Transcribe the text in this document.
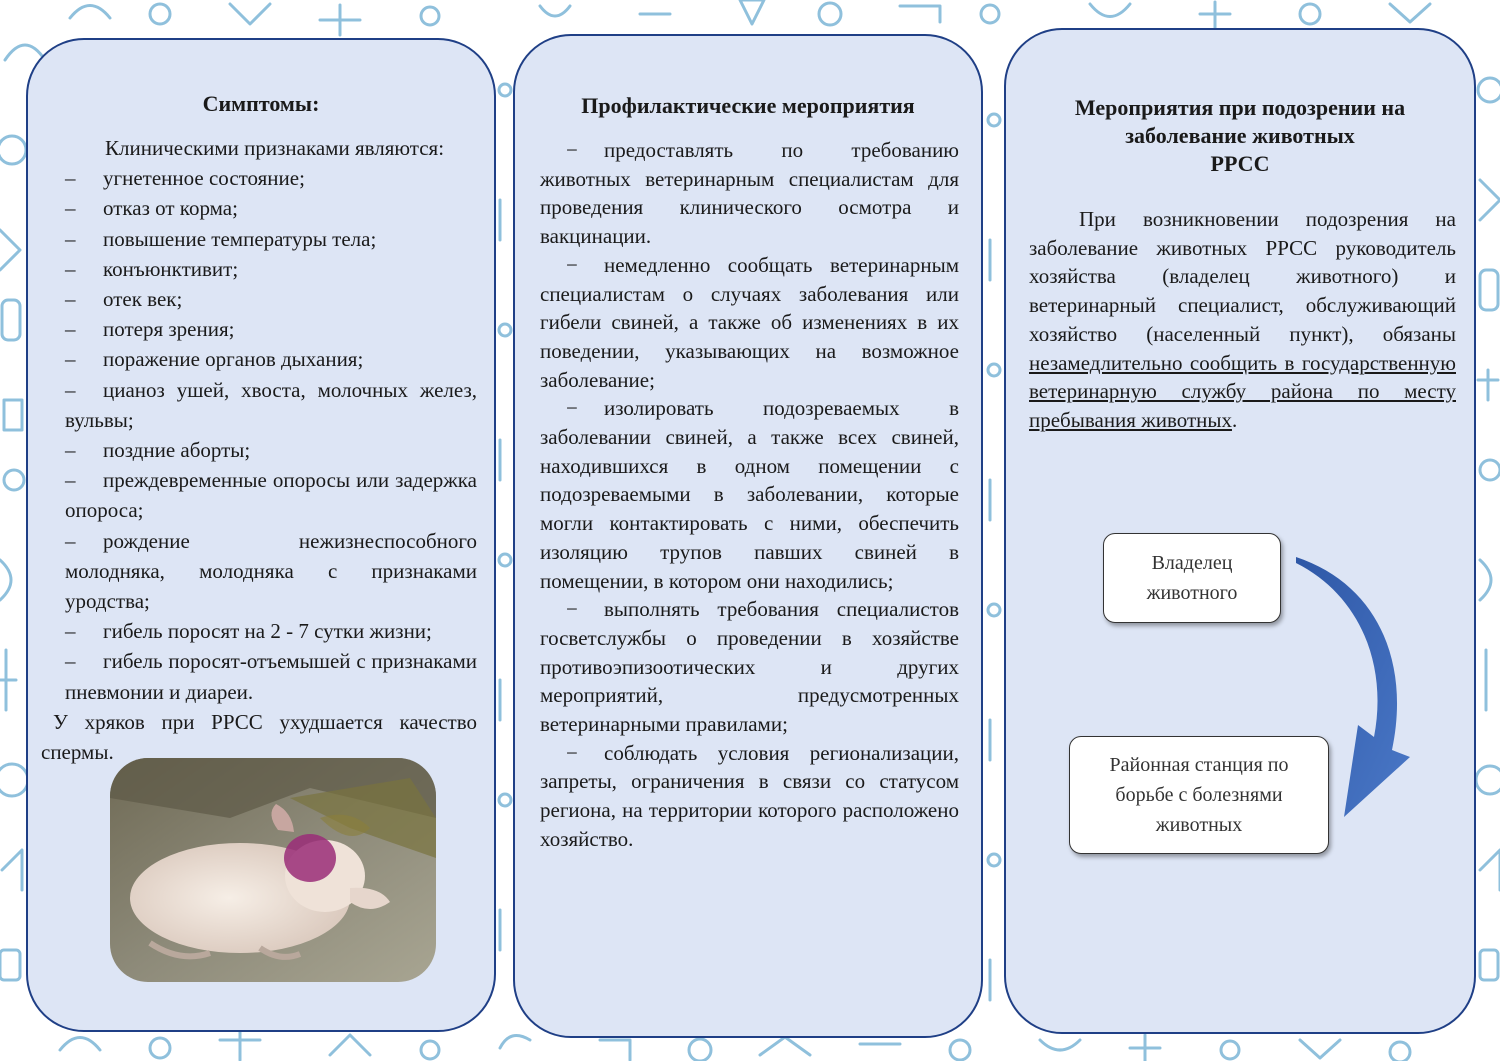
Симптомы:
Клиническими признаками являются:
– угнетенное состояние;
– отказ от корма;
– повышение температуры тела;
– конъюнктивит;
– отек век;
– потеря зрения;
– поражение органов дыхания;
– цианоз ушей, хвоста, молочных желез, вульвы;
– поздние аборты;
– преждевременные опоросы или задержка опороса;
– рождение нежизнеспособного молодняка, молодняка с признаками уродства;
– гибель поросят на 2 - 7 сутки жизни;
– гибель поросят-отъемышей с признаками пневмонии и диареи.
У хряков при РРСС ухудшается качество спермы.
Профилактические мероприятия

− предоставлять по требованию животных ветеринарным специалистам для проведения клинического осмотра и вакцинации.

− немедленно сообщать ветеринарным специалистам о случаях заболевания или гибели свиней, а также об изменениях в их поведении, указывающих на возможное заболевание;

− изолировать подозреваемых в заболевании свиней, а также всех свиней, находившихся в одном помещении с подозреваемыми в заболевании, которые могли контактировать с ними, обеспечить изоляцию трупов павших свиней в помещении, в котором они находились;

− выполнять требования специалистов госветслужбы о проведении в хозяйстве противоэпизоотических и других мероприятий, предусмотренных ветеринарными правилами;

− соблюдать условия регионализации, запреты, ограничения в связи со статусом региона, на территории которого расположено хозяйство.

Мероприятия при подозрении на
заболевание животных
РРСС

При возникновении подозрения на заболевание животных РРСС руководитель хозяйства (владелец животного) и ветеринарный специалист, обслуживающий хозяйство (населенный пункт), обязаны незамедлительно сообщить в государственную ветеринарную службу района по месту пребывания животных.

Владелец животного
Районная станция по борьбе с болезнями животных
